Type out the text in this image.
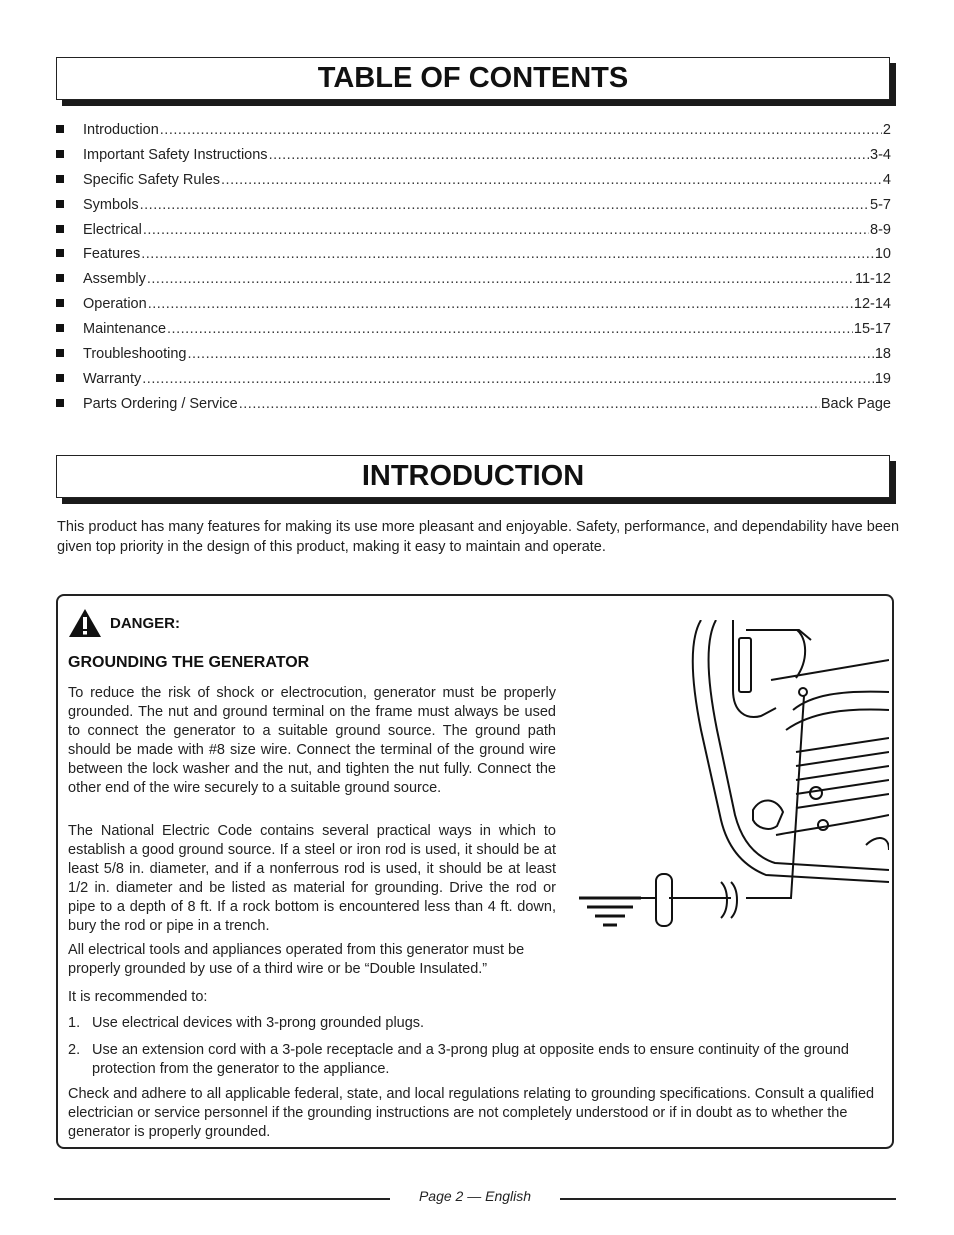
TABLE OF CONTENTS
Introduction .....	2
Important Safety Instructions .....	3-4
Specific Safety Rules .....	4
Symbols .....	5-7
Electrical .....	8-9
Features .....	10
Assembly .....	11-12
Operation .....	12-14
Maintenance .....	15-17
Troubleshooting .....	18
Warranty .....	19
Parts Ordering / Service .....	Back Page
INTRODUCTION

This product has many features for making its use more pleasant and enjoyable. Safety, performance, and dependability have been given top priority in the design of this product, making it easy to maintain and operate.

DANGER:
GROUNDING THE GENERATOR

To reduce the risk of shock or electrocution, generator must be properly grounded. The nut and ground terminal on the frame must always be used to connect the generator to a suitable ground source. The ground path should be made with #8 size wire. Connect the terminal of the ground wire between the lock washer and the nut, and tighten the nut fully. Connect the other end of the wire securely to a suitable ground source.

The National Electric Code contains several practical ways in which to establish a good ground source. If a steel or iron rod is used, it should be at least 5/8 in. diameter, and if a nonferrous rod is used, it should be at least 1/2 in. diameter and be listed as material for grounding. Drive the rod or pipe to a depth of 8 ft. If a rock bottom is encountered less than 4 ft. down, bury the rod or pipe in a trench.

All electrical tools and appliances operated from this generator must be properly grounded by use of a third wire or be “Double Insulated.”

It is recommended to:

1. Use electrical devices with 3-prong grounded plugs.
2. Use an extension cord with a 3-pole receptacle and a 3-prong plug at opposite ends to ensure continuity of the ground protection from the generator to the appliance.

Check and adhere to all applicable federal, state, and local regulations relating to grounding specifications. Consult a qualified electrician or service personnel if the grounding instructions are not completely understood or if in doubt as to whether the generator is properly grounded.

Page 2 — English
